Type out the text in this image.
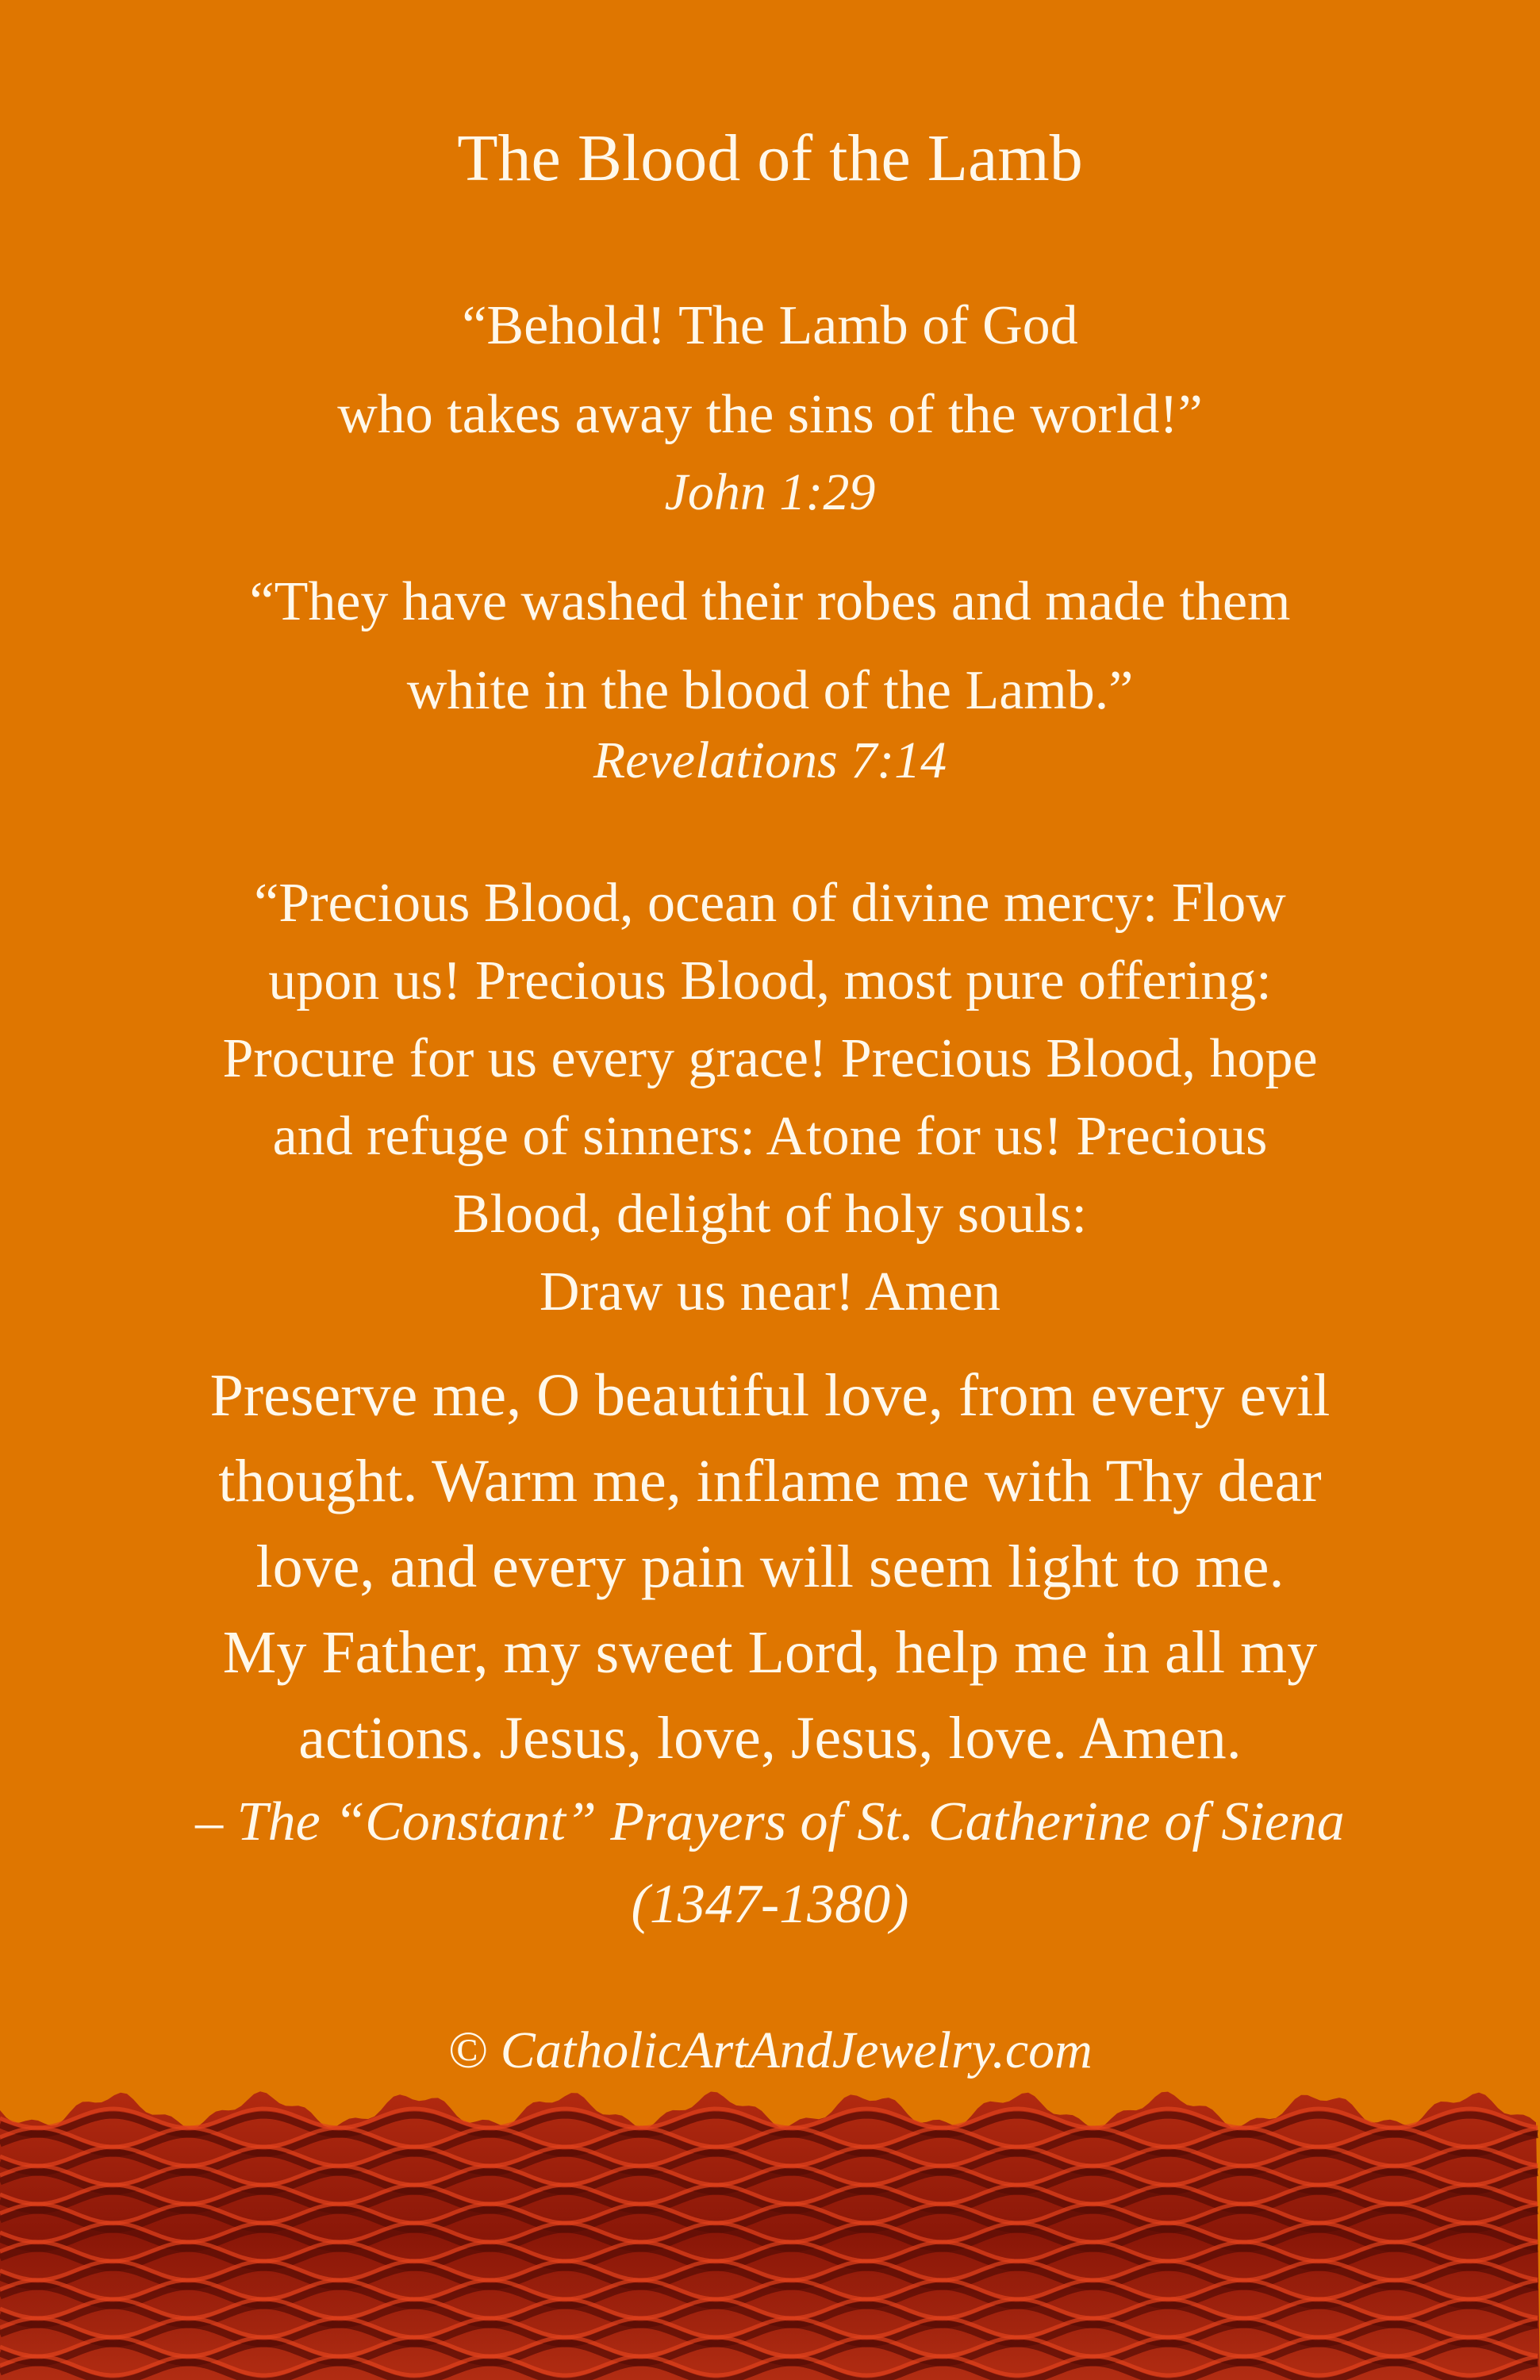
The Blood of the Lamb
“Behold! The Lamb of God
who takes away the sins of the world!”
John 1:29
“They have washed their robes and made them
white in the blood of the Lamb.”
Revelations 7:14
“Precious Blood, ocean of divine mercy: Flow
upon us! Precious Blood, most pure offering:
Procure for us every grace! Precious Blood, hope
and refuge of sinners: Atone for us! Precious
Blood, delight of holy souls:
Draw us near! Amen
Preserve me, O beautiful love, from every evil
thought. Warm me, inflame me with Thy dear
love, and every pain will seem light to me.
My Father, my sweet Lord, help me in all my
actions. Jesus, love, Jesus, love. Amen.
– The “Constant” Prayers of St. Catherine of Siena
(1347-1380)
© CatholicArtAndJewelry.com
